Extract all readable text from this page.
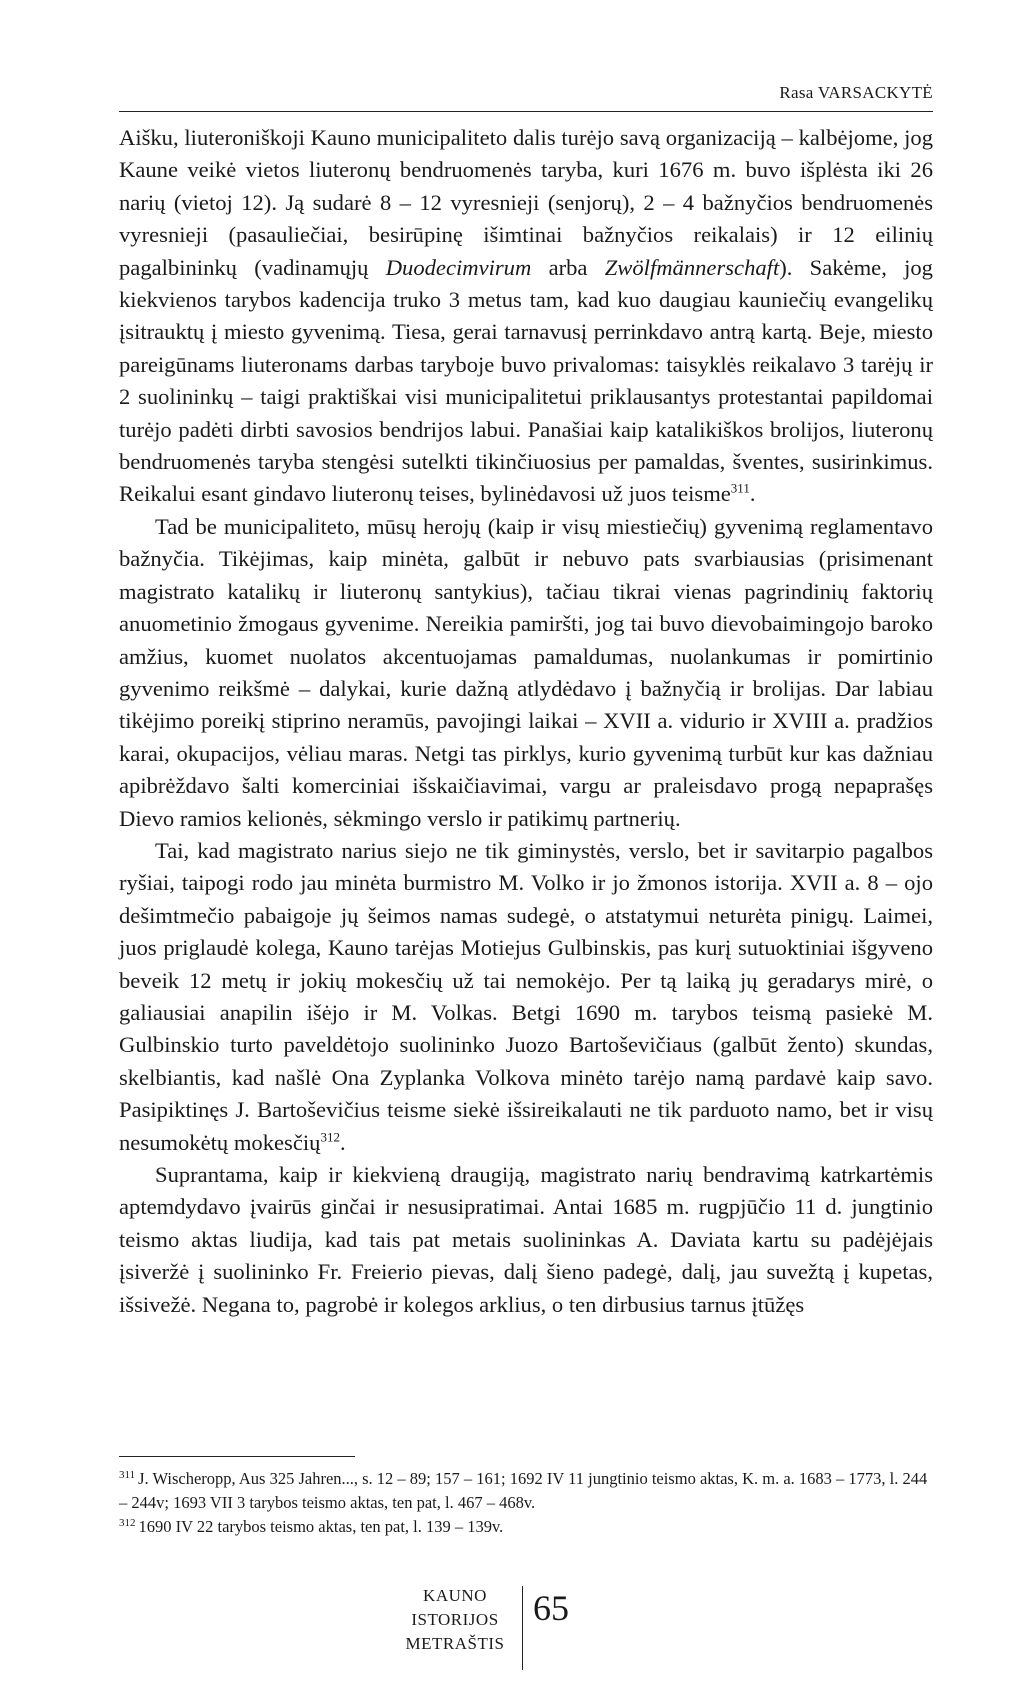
Rasa VARSACKYTĖ

Aišku, liuteroniškoji Kauno municipaliteto dalis turėjo savą organizaciją – kalbėjome, jog Kaune veikė vietos liuteronų bendruomenės taryba, kuri 1676 m. buvo išplėsta iki 26 narių (vietoj 12). Ją sudarė 8 – 12 vyresnieji (senjorų), 2 – 4 bažnyčios bendruomenės vyresnieji (pasauliečiai, besirūpinę išimtinai bažnyčios reikalais) ir 12 eilinių pagalbininkų (vadinamųjų Duodecimvirum arba Zwölfmännerschaft). Sakėme, jog kiekvienos tarybos kadencija truko 3 metus tam, kad kuo daugiau kauniečių evangelikų įsitrauktų į miesto gyvenimą. Tiesa, gerai tarnavusį perrinkdavo antrą kartą. Beje, miesto pareigūnams liuteronams darbas taryboje buvo privalomas: taisyklės reikalavo 3 tarėjų ir 2 suolininkų – taigi praktiškai visi municipalitetui priklausantys protestantai papildomai turėjo padėti dirbti savosios bendrijos labui. Panašiai kaip katalikiškos brolijos, liuteronų bendruomenės taryba stengėsi sutelkti tikinčiuosius per pamaldas, šventes, susirinkimus. Reikalui esant gindavo liuteronų teises, bylinėdavosi už juos teisme$^{311}$.

Tad be municipaliteto, mūsų herojų (kaip ir visų miestiečių) gyvenimą reglamentavo bažnyčia. Tikėjimas, kaip minėta, galbūt ir nebuvo pats svarbiausias (prisimenant magistrato katalikų ir liuteronų santykius), tačiau tikrai vienas pagrindinių faktorių anuometinio žmogaus gyvenime. Nereikia pamiršti, jog tai buvo dievobaimingojo baroko amžius, kuomet nuolatos akcentuojamas pamaldumas, nuolankumas ir pomirtinio gyvenimo reikšmė – dalykai, kurie dažną atlydėdavo į bažnyčią ir brolijas. Dar labiau tikėjimo poreikį stiprino neramūs, pavojingi laikai – XVII a. vidurio ir XVIII a. pradžios karai, okupacijos, vėliau maras. Netgi tas pirklys, kurio gyvenimą turbūt kur kas dažniau apibrėždavo šalti komerciniai išskaičiavimai, vargu ar praleisdavo progą nepaprašęs Dievo ramios kelionės, sėkmingo verslo ir patikimų partnerių.

Tai, kad magistrato narius siejo ne tik giminystės, verslo, bet ir savitarpio pagalbos ryšiai, taipogi rodo jau minėta burmistro M. Volko ir jo žmonos istorija. XVII a. 8 – ojo dešimtmečio pabaigoje jų šeimos namas sudegė, o atstatymui neturėta pinigų. Laimei, juos priglaudė kolega, Kauno tarėjas Motiejus Gulbinskis, pas kurį sutuoktiniai išgyveno beveik 12 metų ir jokių mokesčių už tai nemokėjo. Per tą laiką jų geradarys mirė, o galiausiai anapilin išėjo ir M. Volkas. Betgi 1690 m. tarybos teismą pasiekė M. Gulbinskio turto paveldėtojo suolininko Juozo Bartoševičiaus (galbūt žento) skundas, skelbiantis, kad našlė Ona Zyplanka Volkova minėto tarėjo namą pardavė kaip savo. Pasipiktinęs J. Bartoševičius teisme siekė išsireikalauti ne tik parduoto namo, bet ir visų nesumokėtų mokesčių$^{312}$.

Suprantama, kaip ir kiekvieną draugiją, magistrato narių bendravimą katrkartėmis aptemdydavo įvairūs ginčai ir nesusipratimai. Antai 1685 m. rugpjūčio 11 d. jungtinio teismo aktas liudija, kad tais pat metais suolininkas A. Daviata kartu su padėjėjais įsiveržė į suolininko Fr. Freierio pievas, dalį šieno padegė, dalį, jau suvežtą į kupetas, išsivežė. Negana to, pagrobė ir kolegos arklius, o ten dirbusius tarnus įtūžęs

$^{311}$ J. Wischeropp, Aus 325 Jahren..., s. 12 – 89; 157 – 161; 1692 IV 11 jungtinio teismo aktas, K. m. a. 1683 – 1773, l. 244 – 244v; 1693 VII 3 tarybos teismo aktas, ten pat, l. 467 – 468v.
$^{312}$ 1690 IV 22 tarybos teismo aktas, ten pat, l. 139 – 139v.
KAUNO
ISTORIJOS
METRAŠTIS
65
